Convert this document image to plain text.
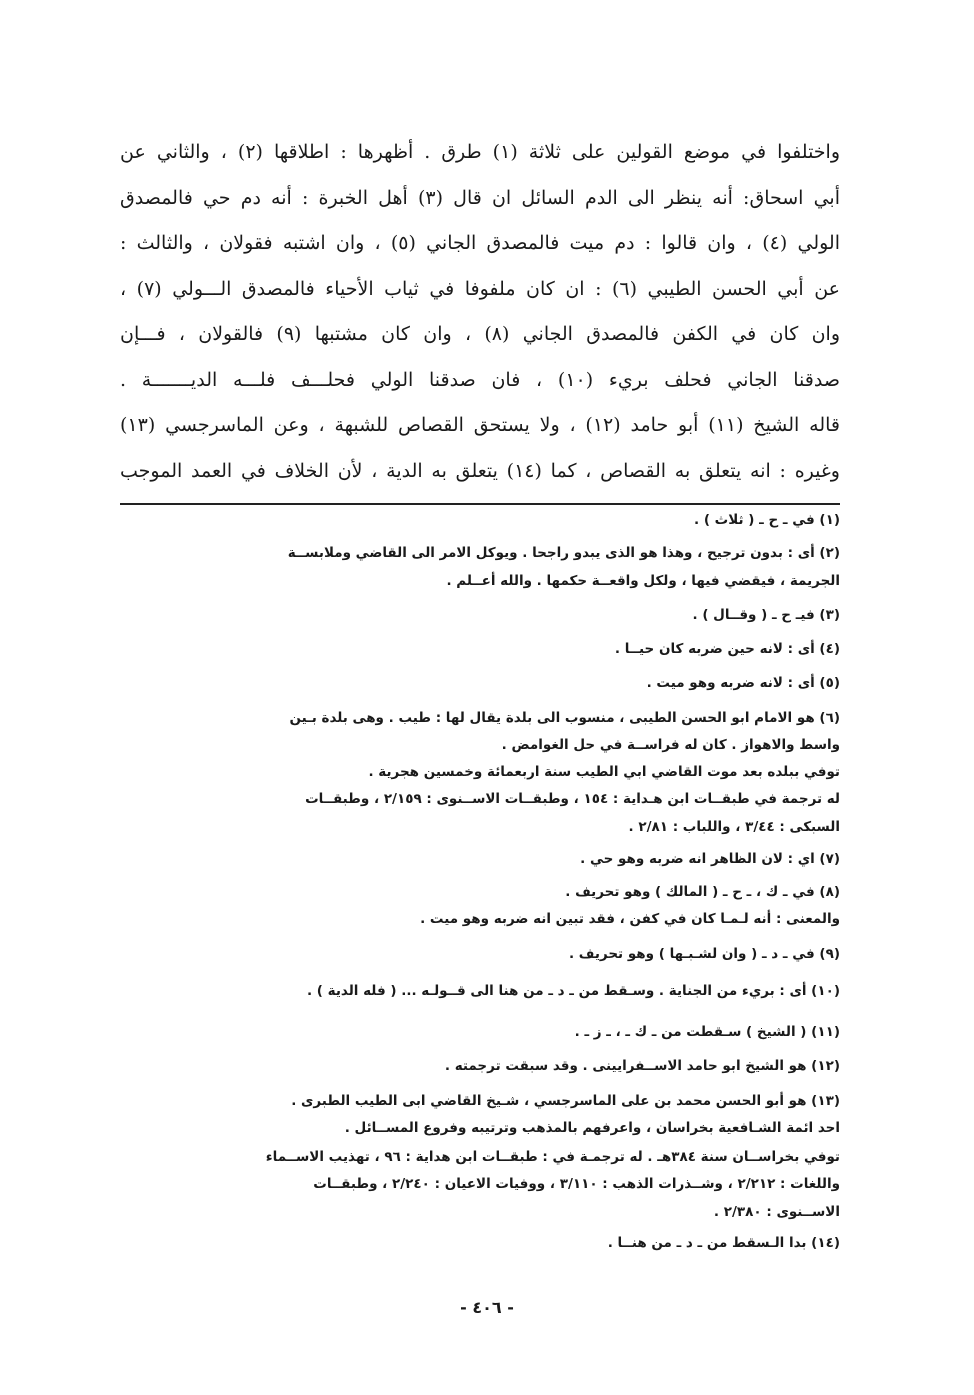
واختلفوا في موضع القولين على ثلاثة (١) طرق . أظهرها : اطلاقها (٢) ، والثاني عن
أبي اسحاق: أنه ينظر الى الدم السائل ان قال (٣) أهل الخبرة : أنه دم حي فالمصدق
الولي (٤) ، وان قالوا : دم ميت فالمصدق الجاني (٥) ، وان اشتبه فقولان ، والثالث :
عن أبي الحسن الطيبي (٦) : ان كان ملفوفا في ثياب الأحياء فالمصدق الـــولي (٧) ،
وان كان في الكفن فالمصدق الجاني (٨) ، وان كان مشتبها (٩) فالقولان ، فـــإن
صدقنا الجاني فحلف بريء (١٠) ، فان صدقنا الولي فحلـــف فلـــه الديـــــــة .
قاله الشيخ (١١) أبو حامد (١٢) ، ولا يستحق القصاص للشبهة ، وعن الماسرجسي (١٣)
وغيره : انه يتعلق به القصاص ، كما (١٤) يتعلق به الدية ، لأن الخلاف في العمد الموجب
(١) في ـ ح ـ ( ثلاث ) .
(٢) أى : بدون ترجيح ، وهذا هو الذى يبدو راجحا . ويوكل الامر الى القاضي وملابســة
الجريمة ، فيقضي فيها ، ولكل واقعــة حكمها . والله أعــلم .
(٣) فيـ ح ـ ( وقــال ) .
(٤) أى : لانه حين ضربه كان حيــا .
(٥) أى : لانه ضربه وهو ميت .
(٦) هو الامام ابو الحسن الطيبى ، منسوب الى بلدة يقال لها : طيب . وهى بلدة بـين
واسط والاهواز . كان له فراســة في حل الغوامض .
توفي ببلده بعد موت القاضي ابي الطيب سنة اربعمائة وخمسين هجرية .
له ترجمة في طبقــات ابن هـداية : ١٥٤ ، وطبقــات الاســنوى : ٢/١٥٩ ، وطبقــات
السبكى : ٣/٤٤ ، واللباب : ٢/٨١ .
(٧) اي : لان الظاهر انه ضربه وهو حي .
(٨) في ـ ك ، ـ ح ـ ( المالك ) وهو تحريف .
والمعنى : أنه لـمـا كان في كفن ، فقد تبين انه ضربه وهو ميت .
(٩) في ـ د ـ ( وان لشـبـها ) وهو تحريف .
(١٠) أى : بريء من الجناية . وسـقط من ـ د ـ من هنا الى قــولـه ... ( فله الدية ) .
(١١) ( الشيخ ) سـقطت من ـ ك ـ ، ـ ز ـ .
(١٢) هو الشيخ ابو حامد الاســفرايينى . وقد سبقت ترجمته .
(١٣) هو أبو الحسن محمد بن على الماسرجسي ، شـيخ القاضي ابى الطيب الطبرى .
احد ائمة الشـافعية بخراسان ، واعرفهم بالمذهب وترتيبه وفروع المســائل .
توفي بخراســان سنة ٣٨٤هـ . له ترجمـة في : طبقــات ابن هداية : ٩٦ ، تهذيب الاســماء
واللغات : ٢/٢١٢ ، وشــذرات الذهب : ٣/١١٠ ، ووفيات الاعيان : ٢/٢٤٠ ، وطبقــات
الاســنوى : ٢/٣٨٠ .
(١٤) بدا الـسقط من ـ د ـ من هنــا .
- ٤٠٦ -
